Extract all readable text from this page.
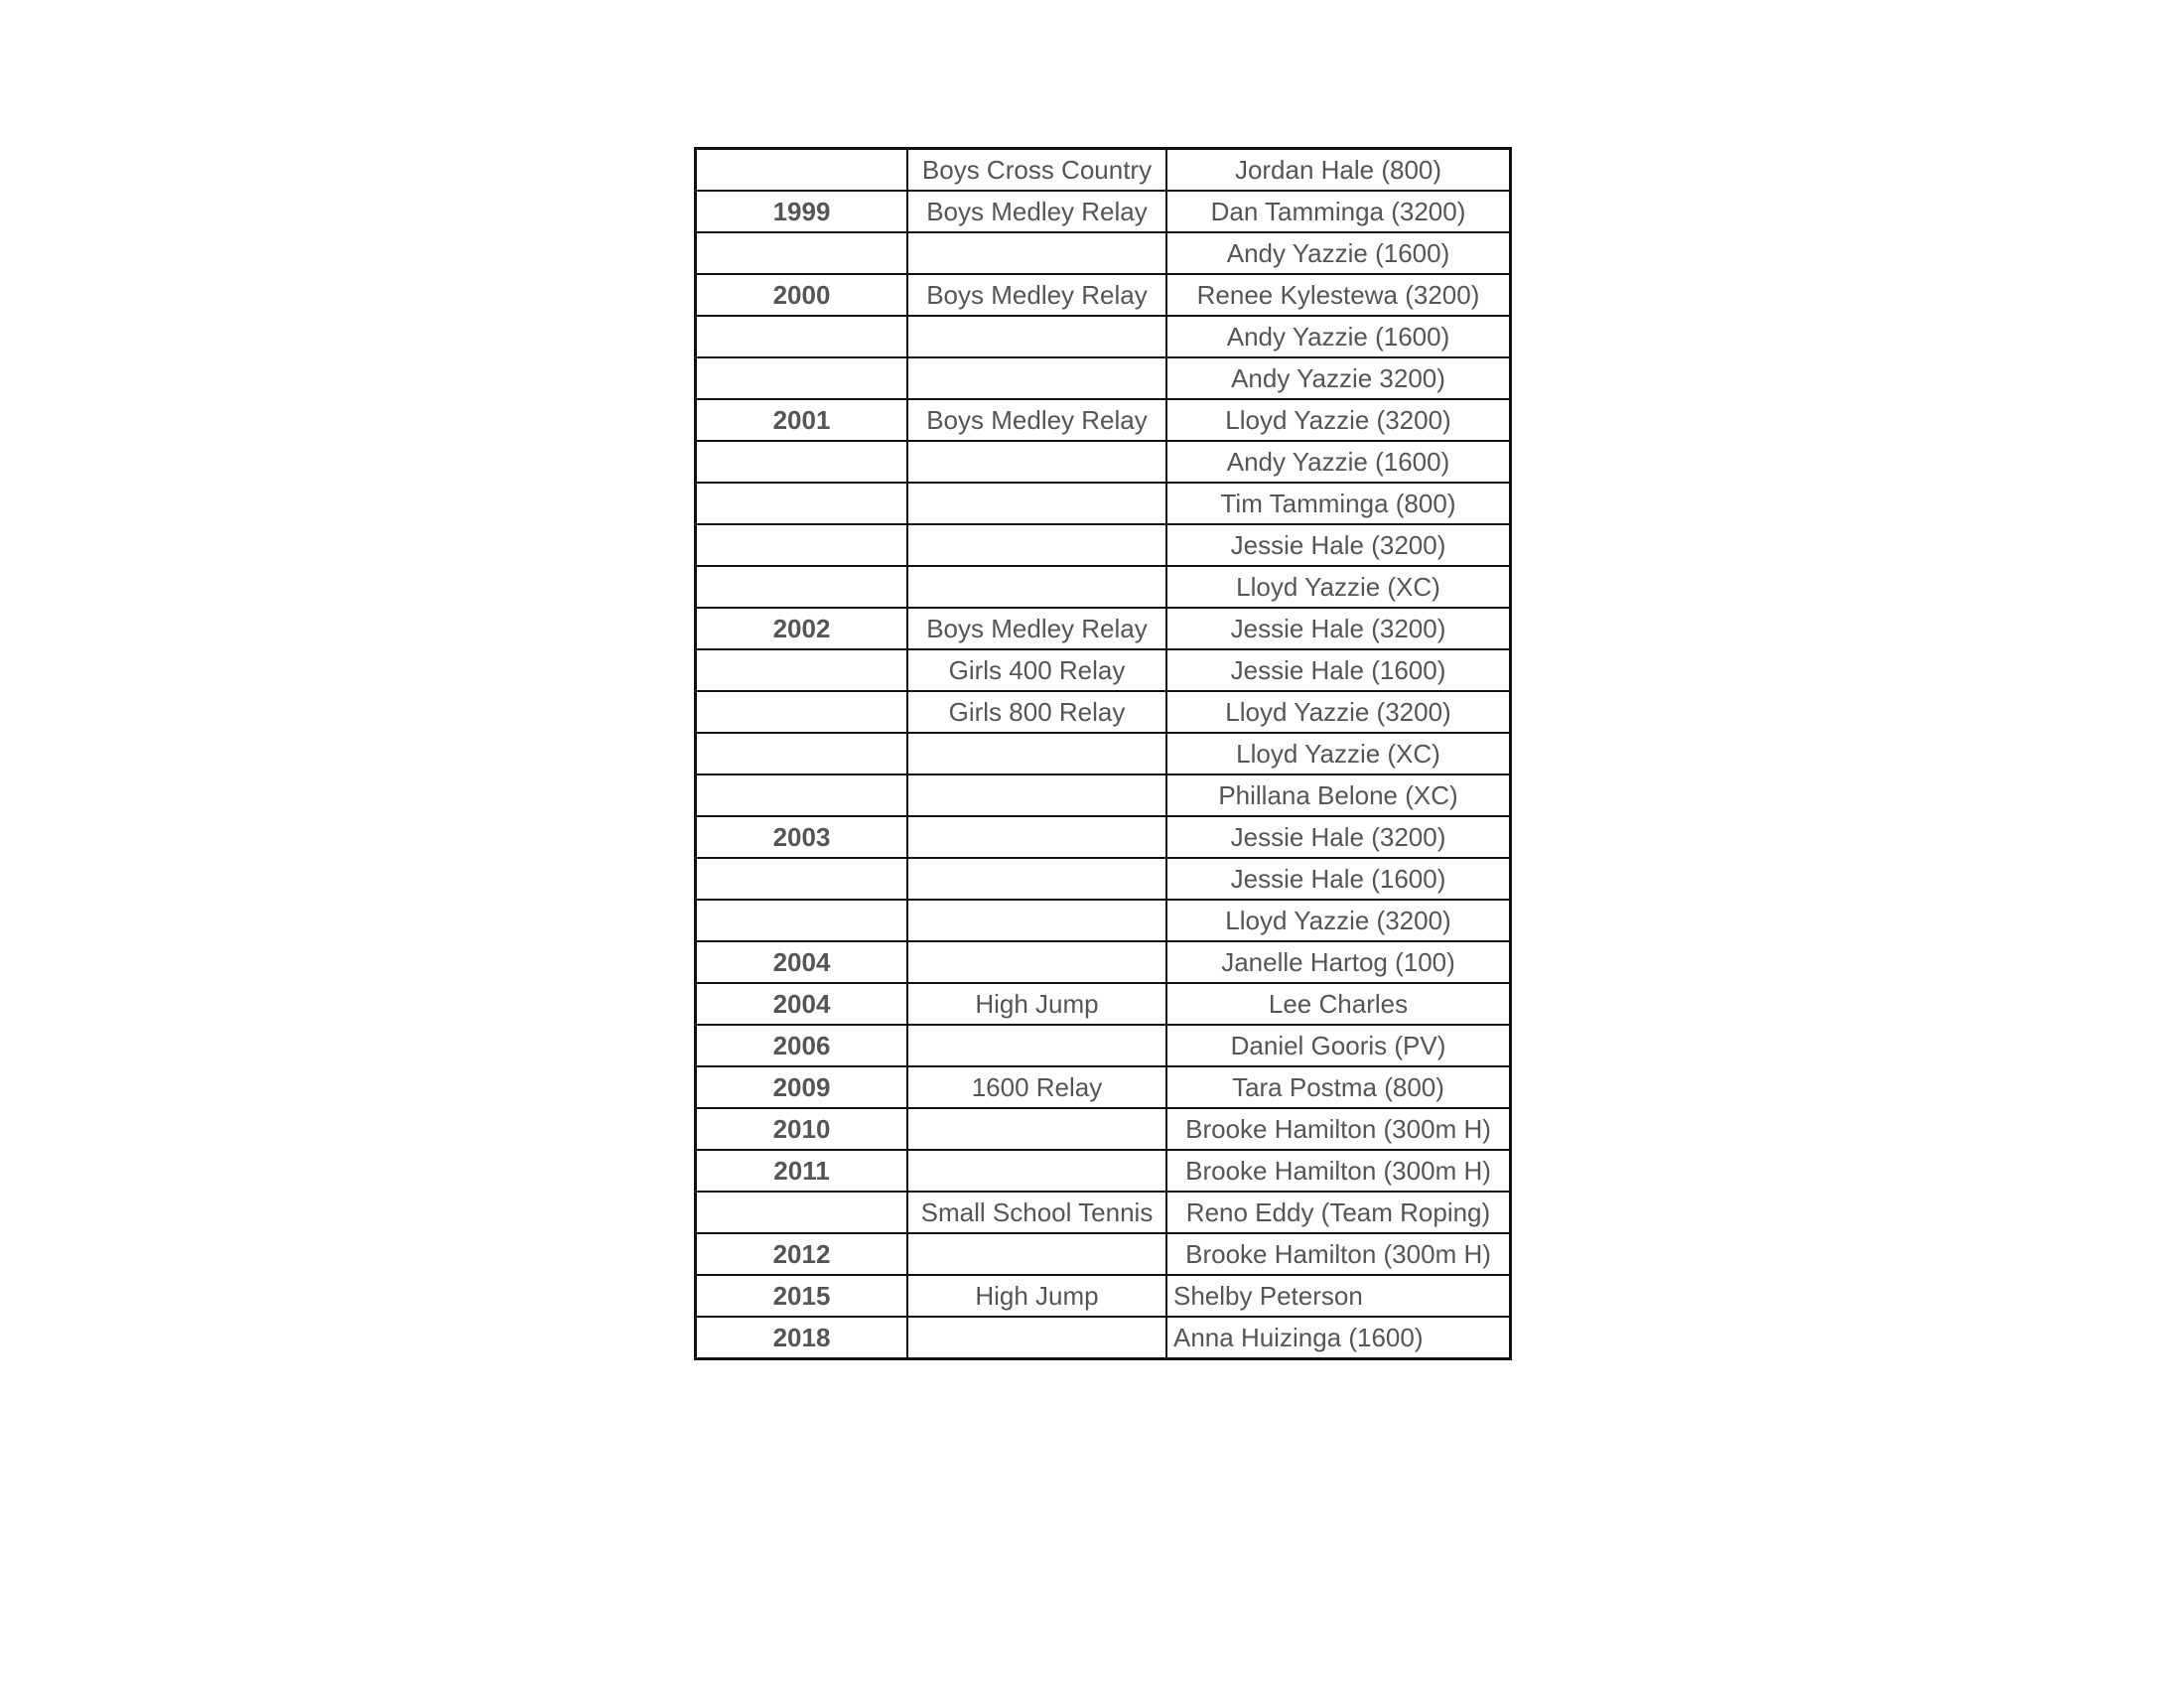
	Boys Cross Country	Jordan Hale (800)
1999	Boys Medley Relay	Dan Tamminga (3200)
		Andy Yazzie (1600)
2000	Boys Medley Relay	Renee Kylestewa (3200)
		Andy Yazzie (1600)
		Andy Yazzie 3200)
2001	Boys Medley Relay	Lloyd Yazzie (3200)
		Andy Yazzie (1600)
		Tim Tamminga (800)
		Jessie Hale (3200)
		Lloyd Yazzie (XC)
2002	Boys Medley Relay	Jessie Hale (3200)
	Girls 400 Relay	Jessie Hale (1600)
	Girls 800 Relay	Lloyd Yazzie (3200)
		Lloyd Yazzie (XC)
		Phillana Belone (XC)
2003		Jessie Hale (3200)
		Jessie Hale (1600)
		Lloyd Yazzie (3200)
2004		Janelle Hartog (100)
2004	High Jump	Lee Charles
2006		Daniel Gooris (PV)
2009	1600 Relay	Tara Postma (800)
2010		Brooke Hamilton (300m H)
2011		Brooke Hamilton (300m H)
	Small School Tennis	Reno Eddy (Team Roping)
2012		Brooke Hamilton (300m H)
2015	High Jump	Shelby Peterson
2018		Anna Huizinga (1600)
